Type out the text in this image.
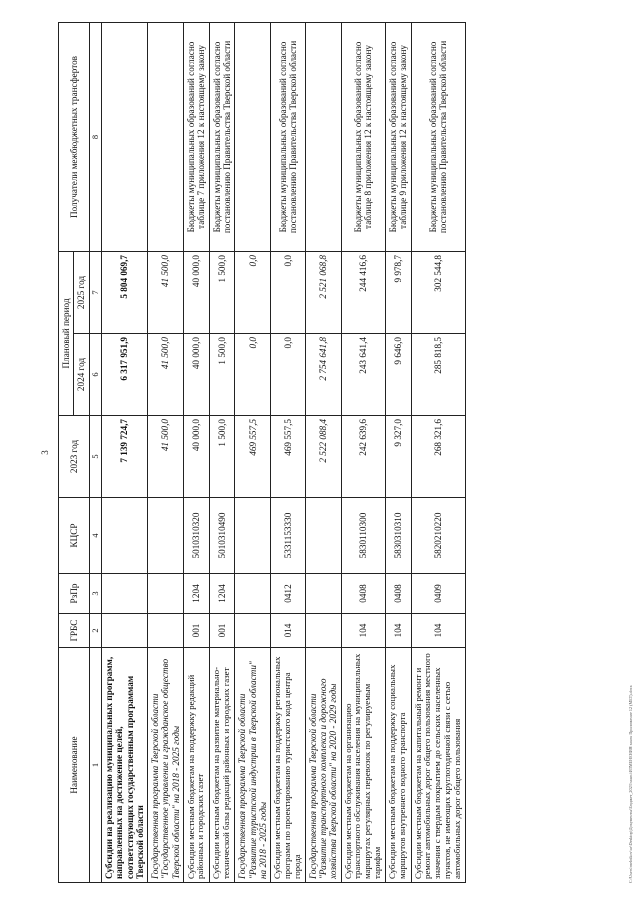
3
Наименование	ГРБС	РзПр	КЦСР	2023 год	Плановый период		Получатели межбюджетных трансфертов
					2024 год	2025 год	
1	2	3	4	5	6	7	8
Субсидии на реализацию муниципальных программ, направленных на достижение целей, соответствующих государственным программам Тверской области				7 139 724,7	6 317 951,9	5 804 069,7	
Государственная программа Тверской области "Государственное управление и гражданское общество Тверской области" на 2018 - 2025 годы				41 500,0	41 500,0	41 500,0	
Субсидии местным бюджетам на поддержку редакций районных и городских газет	001	1204	5010310320	40 000,0	40 000,0	40 000,0	Бюджеты муниципальных образований согласно таблице 7 приложения 12 к настоящему закону
Субсидии местным бюджетам на развитие материально-технической базы редакций районных и городских газет	001	1204	5010310490	1 500,0	1 500,0	1 500,0	Бюджеты муниципальных образований согласно постановлению Правительства Тверской области
Государственная программа Тверской области "Развитие туристской индустрии в Тверской области" на 2018 - 2025 годы				469 557,5	0,0	0,0	
Субсидии местным бюджетам на поддержку региональных программ по проектированию туристского кода центра города	014	0412	5331153330	469 557,5	0,0	0,0	Бюджеты муниципальных образований согласно постановлению Правительства Тверской области
Государственная программа Тверской области "Развитие транспортного комплекса и дорожного хозяйства Тверской области" на 2020 - 2029 годы				2 522 088,4	2 754 641,8	2 521 068,8	
Субсидии местным бюджетам на организацию транспортного обслуживания населения на муниципальных маршрутах регулярных перевозок по регулируемым тарифам	104	0408	5830110300	242 639,6	243 641,4	244 416,6	Бюджеты муниципальных образований согласно таблице 8 приложения 12 к настоящему закону
Субсидии местным бюджетам на поддержку социальных маршрутов внутреннего водного транспорта	104	0408	5830310310	9 327,0	9 646,0	9 978,7	Бюджеты муниципальных образований согласно таблице 9 приложения 12 к настоящему закону
Субсидии местным бюджетам на капитальный ремонт и ремонт автомобильных дорог общего пользования местного значения с твердым покрытием до сельских населенных пунктов, не имеющих круглогодичной связи с сетью автомобильных дорог общего пользования	104	0409	5820210220	268 321,6	285 818,5	302 544,8	Бюджеты муниципальных образований согласно постановлению Правительства Тверской области
C:\Users\melnikov\ae\Desktop\Документы\Бюджет_2023\закон\ИЗМЕНЕНИЯ закон Приложение 12 (МБТ).docx
